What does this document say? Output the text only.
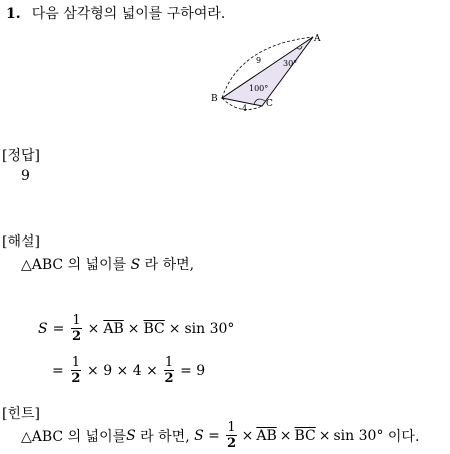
1. 다음 삼각형의 넓이를 구하여라.
A
B	C
9
4
30°
100°
[정답]
9
[해설]
△ABC 의 넓이를 S 라 하면,
$S = \frac{1}{2} \times \overline{AB} \times \overline{BC} \times \sin 30^\circ$
= $\frac{1}{2} \times 9 \times 4 \times \frac{1}{2} = 9$
[힌트]
△ABC 의 넓이를 S 라 하면, $S = \frac{1}{2} \times \overline{AB} \times \overline{BC} \times \sin 30^\circ$ 이다.
